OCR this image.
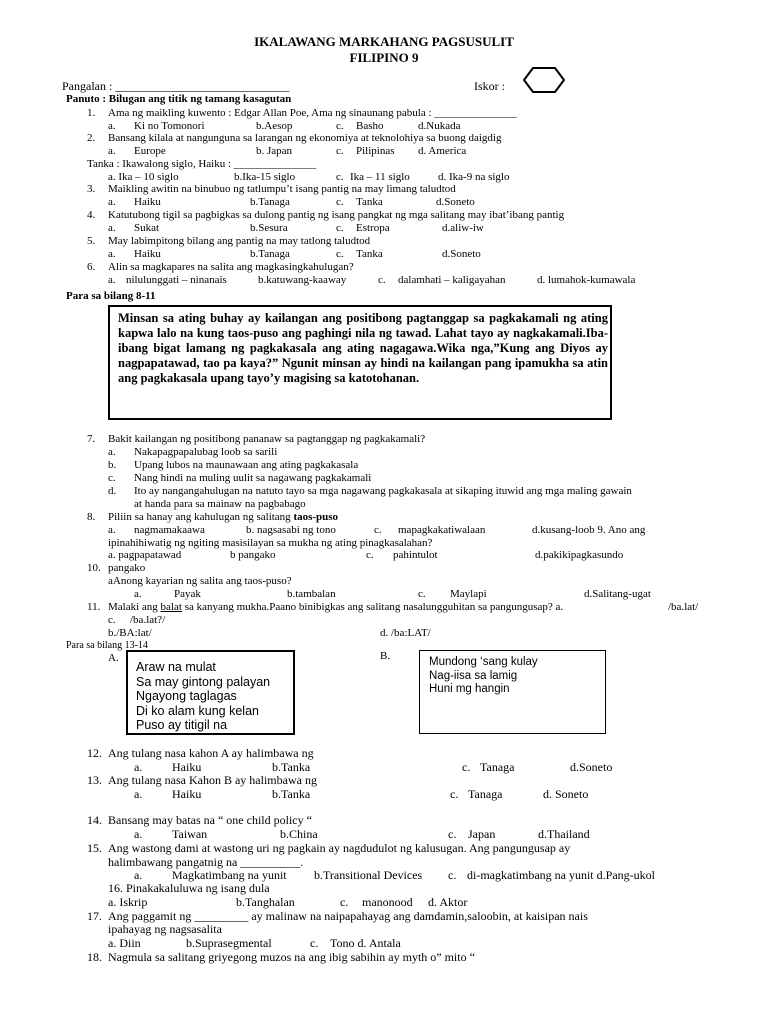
IKALAWANG MARKAHANG PAGSUSULIT
FILIPINO 9
Pangalan : _____________________________	Iskor :
Panuto : Bilugan ang titik ng tamang kasagutan
1. Ama ng maikling kuwento : Edgar Allan Poe, Ama ng sinaunang pabula : _______________
a. Ki no Tomonori	b.Aesop	c. Basho	d.Nukada
2. Bansang kilala at nangunguna sa larangan ng ekonomiya at teknolohiya sa buong daigdig
a. Europe	b. Japan	c. Pilipinas d. America
Tanka : Ikawalong siglo, Haiku : _______________
a. Ika – 10 siglo	b.Ika-15 siglo	c. Ika – 11 siglo	d. Ika-9 na siglo
3. Maikling awitin na binubuo ng tatlumpu’t isang pantig na may limang taludtod
a. Haiku	b.Tanaga	c. Tanka	d.Soneto
4. Katutubong tigil sa pagbigkas sa dulong pantig ng isang pangkat ng mga salitang may ibat’ibang pantig
a. Sukat	b.Sesura	c. Estropa	d.aliw-iw
5. May labimpitong bilang ang pantig na may tatlong taludtod
a. Haiku	b.Tanaga	c. Tanka	d.Soneto
6. Alin sa magkapares na salita ang magkasingkahulugan?
a. nilulunggati – ninanais	b.katuwang-kaaway	c. dalamhati – kaligayahan	d. lumahok-kumawala
Para sa bilang 8-11
Minsan sa ating buhay ay kailangan ang positibong pagtanggap sa pagkakamali ng ating kapwa lalo na kung taos-puso ang paghingi nila ng tawad. Lahat tayo ay nagkakamali.Iba-ibang bigat lamang ng pagkakasala ang ating nagagawa.Wika nga,”Kung ang Diyos ay nagpapatawad, tao pa kaya?” Ngunit minsan ay hindi na kailangan pang ipamukha sa atin ang pagkakasala upang tayo’y magising sa katotohanan.
7. Bakit kailangan ng positibong pananaw sa pagtanggap ng pagkakamali?
a. Nakapagpapalubag loob sa sarili
b. Upang lubos na maunawaan ang ating pagkakasala
c. Nang hindi na muling uulit sa nagawang pagkakamali
d. Ito ay nangangahulugan na natuto tayo sa mga nagawang pagkakasala at sikaping ituwid ang mga maling gawain
at handa para sa mainaw na pagbabago
8. Piliin sa hanay ang kahulugan ng salitang taos-puso
a. nagmamakaawa	b. nagsasabi ng tono	c. mapagkakatiwalaan	d.kusang-loob 9. Ano ang
ipinahihiwatig ng ngiting masisilayan sa mukha ng ating pinagkasalahan?
a. pagpapatawad	b pangako	c. pahintulot	d.pakikipagkasundo
10. pangako
aAnong kayarian ng salita ang taos-puso?
a.	Payak	b.tambalan	c. Maylapi	d.Salitang-ugat
11. Malaki ang balat sa kanyang mukha.Paano binibigkas ang salitang nasalungguhitan sa pangungusap? a.	/ba.lat/
c. /ba.lat?/
b./BA:lat/	d. /ba:LAT/
Para sa bilang 13-14
A.	B.
Araw na mulat
Sa may gintong palayan
Ngayong taglagas
Di ko alam kung kelan
Puso ay titigil na
Mundong ‘sang kulay
Nag-iisa sa lamig
Huni mg hangin
12. Ang tulang nasa kahon A ay halimbawa ng
a. Haiku	b.Tanka	c. Tanaga	d.Soneto
13. Ang tulang nasa Kahon B ay halimbawa ng
a. Haiku	b.Tanka	c. Tanaga	d. Soneto
14. Bansang may batas na “ one child policy “
a. Taiwan	b.China	c. Japan	d.Thailand
15. Ang wastong dami at wastong uri ng pagkain ay nagdudulot ng kalusugan. Ang pangungusap ay
halimbawang pangatnig na __________.
a. Magkatimbang na yunit b.Transitional Devices c. di-magkatimbang na yunit d.Pang-ukol
16. Pinakakaluluwa ng isang dula
a. Iskrip	b.Tanghalan	c. manonood d. Aktor
17. Ang paggamit ng _________ ay malinaw na naipapahayag ang damdamin,saloobin, at kaisipan nais
ipahayag ng nagsasalita
a. Diin	b.Suprasegmental	c. Tono d. Antala
18. Nagmula sa salitang griyegong muzos na ang ibig sabihin ay myth o” mito “
